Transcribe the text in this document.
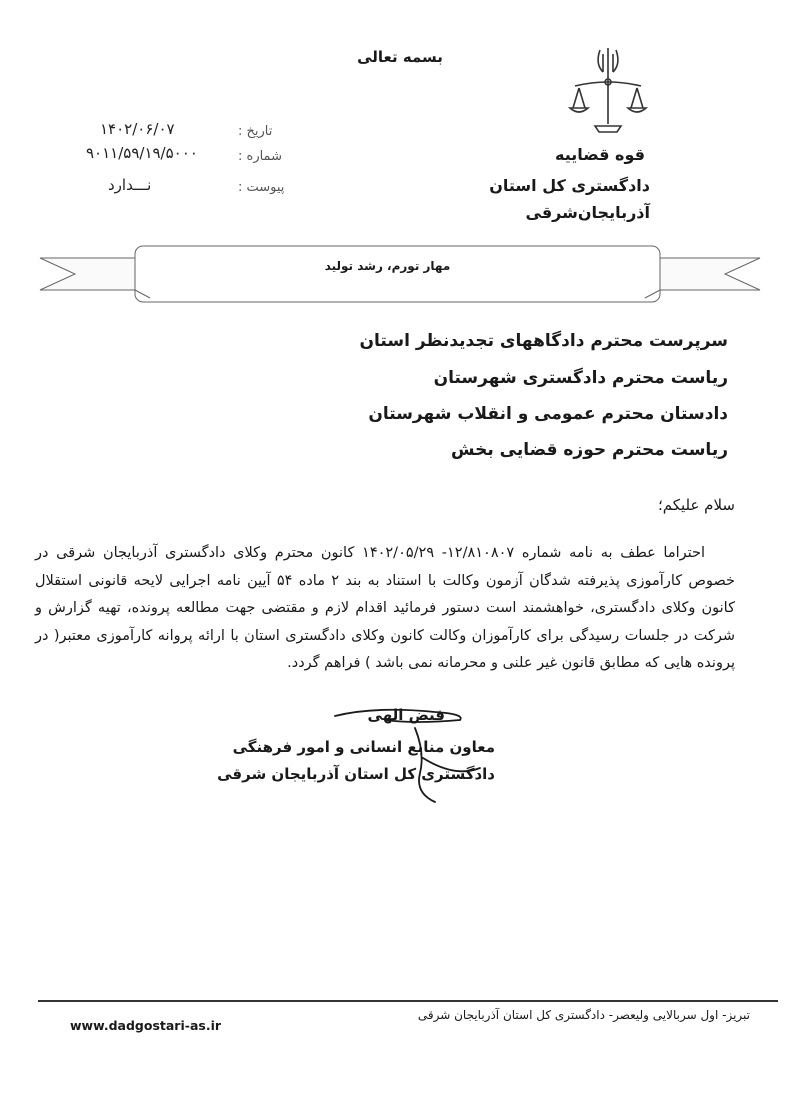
بسمه تعالی
قوه قضاییه
دادگستری کل استان
آذربایجان‌شرقی
تاریخ :
شماره :
پیوست :
۱۴۰۲/۰۶/۰۷
۹۰۱۱/۵۹/۱۹/۵۰۰۰
نـــدارد
مهار تورم، رشد تولید
سرپرست محترم دادگاههای تجدیدنظر استان
ریاست محترم دادگستری شهرستان
دادستان محترم عمومی و انقلاب شهرستان
ریاست محترم حوزه قضایی بخش
سلام علیکم؛
احتراما عطف به نامه شماره ۱۲/۸۱۰۸۰۷- ۱۴۰۲/۰۵/۲۹ کانون محترم وکلای دادگستری آذربایجان شرقی در خصوص کارآموزی پذیرفته شدگان آزمون وکالت با استناد به بند ۲ ماده ۵۴ آیین نامه اجرایی لایحه قانونی استقلال کانون وکلای دادگستری، خواهشمند است دستور فرمائید اقدام لازم و مقتضی جهت مطالعه پرونده، تهیه گزارش و شرکت در جلسات رسیدگی برای کارآموزان وکالت کانون وکلای دادگستری استان با ارائه پروانه کارآموزی معتبر( در پرونده هایی که مطابق قانون غیر علنی و محرمانه نمی باشد ) فراهم گردد.
فیض الهی
معاون منابع انسانی و امور فرهنگی
دادگستری کل استان آذربایجان شرقی
تبریز- اول سربالایی ولیعصر- دادگستری کل استان آذربایجان شرقی
www.dadgostari-as.ir
